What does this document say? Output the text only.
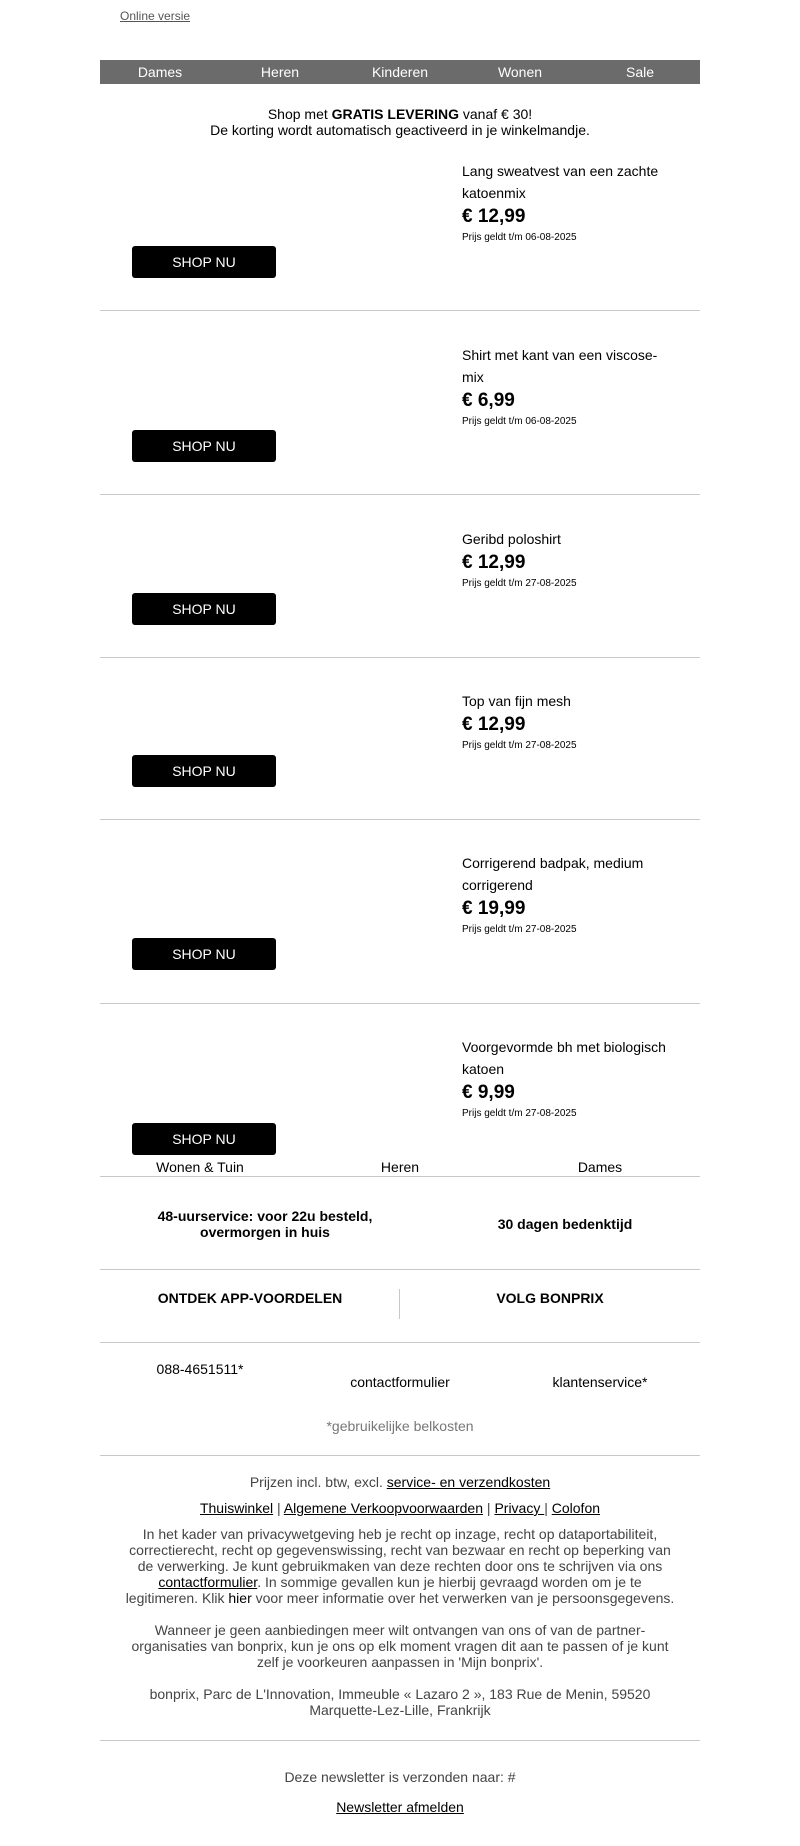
Online versie
Dames	Heren	Kinderen	Wonen	Sale
Shop met GRATIS LEVERING vanaf € 30!
De korting wordt automatisch geactiveerd in je winkelmandje.
Lang sweatvest van een zachte katoenmix
€ 12,99
Prijs geldt t/m 06-08-2025
SHOP NU
Shirt met kant van een viscose-mix
€ 6,99
Prijs geldt t/m 06-08-2025
SHOP NU
Geribd poloshirt
€ 12,99
Prijs geldt t/m 27-08-2025
SHOP NU
Top van fijn mesh
€ 12,99
Prijs geldt t/m 27-08-2025
SHOP NU
Corrigerend badpak, medium corrigerend
€ 19,99
Prijs geldt t/m 27-08-2025
SHOP NU
Voorgevormde bh met biologisch katoen
€ 9,99
Prijs geldt t/m 27-08-2025
SHOP NU
Wonen & Tuin	Heren	Dames
48-uurservice: voor 22u besteld, overmorgen in huis	30 dagen bedenktijd
ONTDEK APP-VOORDELEN	VOLG BONPRIX
088-4651511*
contactformulier	klantenservice*
*gebruikelijke belkosten

Prijzen incl. btw, excl. service- en verzendkosten

Thuiswinkel | Algemene Verkoopvoorwaarden | Privacy | Colofon

In het kader van privacywetgeving heb je recht op inzage, recht op dataportabiliteit, correctierecht, recht op gegevenswissing, recht van bezwaar en recht op beperking van de verwerking. Je kunt gebruikmaken van deze rechten door ons te schrijven via ons contactformulier. In sommige gevallen kun je hierbij gevraagd worden om je te legitimeren. Klik hier voor meer informatie over het verwerken van je persoonsgegevens.

Wanneer je geen aanbiedingen meer wilt ontvangen van ons of van de partner-organisaties van bonprix, kun je ons op elk moment vragen dit aan te passen of je kunt zelf je voorkeuren aanpassen in 'Mijn bonprix'.

bonprix, Parc de L'Innovation, Immeuble « Lazaro 2 », 183 Rue de Menin, 59520 Marquette-Lez-Lille, Frankrijk

Deze newsletter is verzonden naar: #
Newsletter afmelden
